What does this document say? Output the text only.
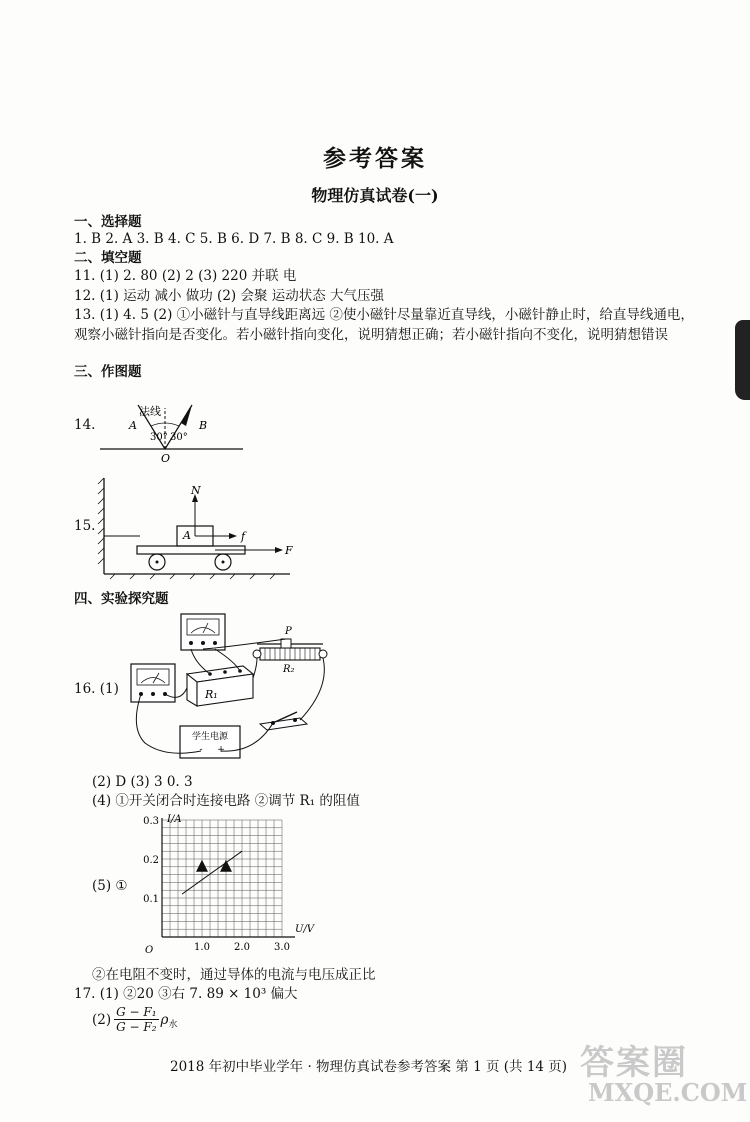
参考答案
物理仿真试卷(一)
一、选择题
1. B 2. A 3. B 4. C 5. B 6. D 7. B 8. C 9. B 10. A
二、填空题
11. (1) 2. 80 (2) 2 (3) 220 并联 电
12. (1) 运动 减小 做功 (2) 会聚 运动状态 大气压强
13. (1) 4. 5 (2) ①小磁针与直导线距离远 ②使小磁针尽量靠近直导线，小磁针静止时，给直导线通电，观察小磁针指向是否变化。若小磁针指向变化，说明猜想正确；若小磁针指向不变化，说明猜想错误
三、作图题
14.
法线
A	B
30° 30°
O
15.
N
A	f
F
四、实验探究题
16. (1)
学生电源
- +
P
R₁
R₂
(2) D (3) 3 0. 3
(4) ①开关闭合时连接电路 ②调节 R₁ 的阻值
(5) ①
0.1
0.2
0.3
1.0 2.0 3.0
I/A
U/V
O
②在电阻不变时，通过导体的电流与电压成正比
17. (1) ②20 ③右 7. 89 × 10³ 偏大
$(2) \frac{\text{G − F₁}}{\text{G − F₂}}$ ρ 水
2018 年初中毕业学年 · 物理仿真试卷参考答案 第 1 页 (共 14 页) 答案圈
MXQE.COM
